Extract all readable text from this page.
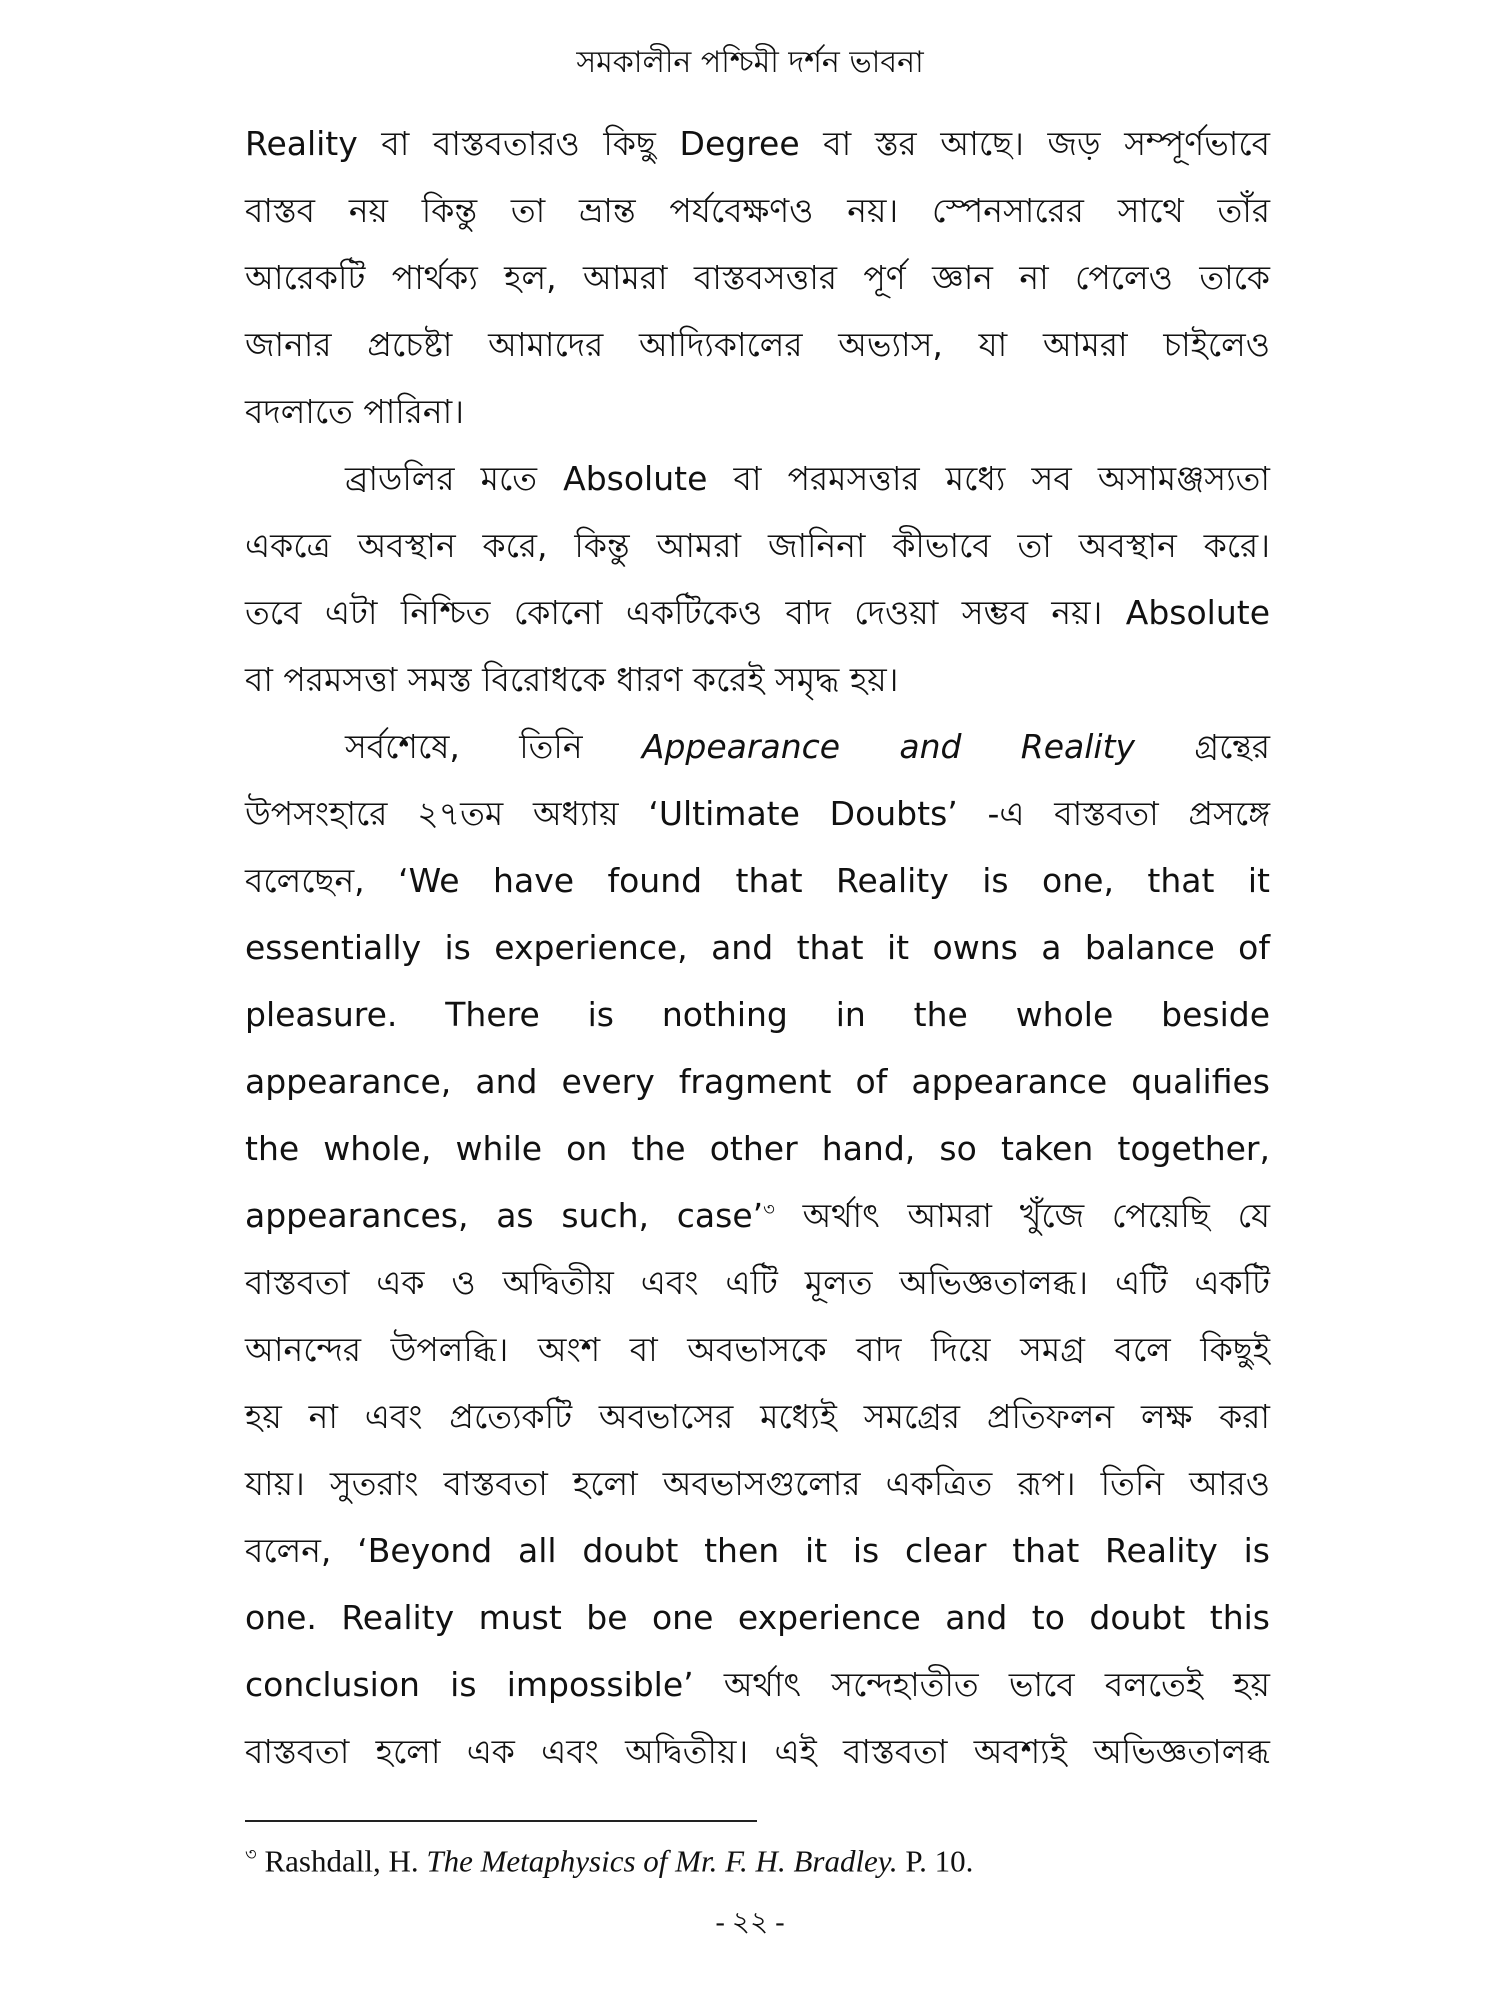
সমকালীন পশ্চিমী দর্শন ভাবনা
Reality বা বাস্তবতারও কিছু Degree বা স্তর আছে। জড় সম্পূর্ণভাবে
বাস্তব নয় কিন্তু তা ভ্রান্ত পর্যবেক্ষণও নয়। স্পেনসারের সাথে তাঁর
আরেকটি পার্থক্য হল, আমরা বাস্তবসত্তার পূর্ণ জ্ঞান না পেলেও তাকে
জানার প্রচেষ্টা আমাদের আদ্যিকালের অভ্যাস, যা আমরা চাইলেও
বদলাতে পারিনা।
ব্রাডলির মতে Absolute বা পরমসত্তার মধ্যে সব অসামঞ্জস্যতা
একত্রে অবস্থান করে, কিন্তু আমরা জানিনা কীভাবে তা অবস্থান করে।
তবে এটা নিশ্চিত কোনো একটিকেও বাদ দেওয়া সম্ভব নয়। Absolute
বা পরমসত্তা সমস্ত বিরোধকে ধারণ করেই সমৃদ্ধ হয়।
সর্বশেষে, তিনি Appearance and Reality গ্রন্থের
উপসংহারে ২৭তম অধ্যায় ‘Ultimate Doubts’ -এ বাস্তবতা প্রসঙ্গে
বলেছেন, ‘We have found that Reality is one, that it
essentially is experience, and that it owns a balance of
pleasure. There is nothing in the whole beside
appearance, and every fragment of appearance qualifies
the whole, while on the other hand, so taken together,
appearances, as such, case’$^৩$ অর্থাৎ আমরা খুঁজে পেয়েছি যে
বাস্তবতা এক ও অদ্বিতীয় এবং এটি মূলত অভিজ্ঞতালব্ধ। এটি একটি
আনন্দের উপলব্ধি। অংশ বা অবভাসকে বাদ দিয়ে সমগ্র বলে কিছুই
হয় না এবং প্রত্যেকটি অবভাসের মধ্যেই সমগ্রের প্রতিফলন লক্ষ করা
যায়। সুতরাং বাস্তবতা হলো অবভাসগুলোর একত্রিত রূপ। তিনি আরও
বলেন, ‘Beyond all doubt then it is clear that Reality is
one. Reality must be one experience and to doubt this
conclusion is impossible’ অর্থাৎ সন্দেহাতীত ভাবে বলতেই হয়
বাস্তবতা হলো এক এবং অদ্বিতীয়। এই বাস্তবতা অবশ্যই অভিজ্ঞতালব্ধ
$^৩$ Rashdall, H. The Metaphysics of Mr. F. H. Bradley. P. 10.
- ২২ -
